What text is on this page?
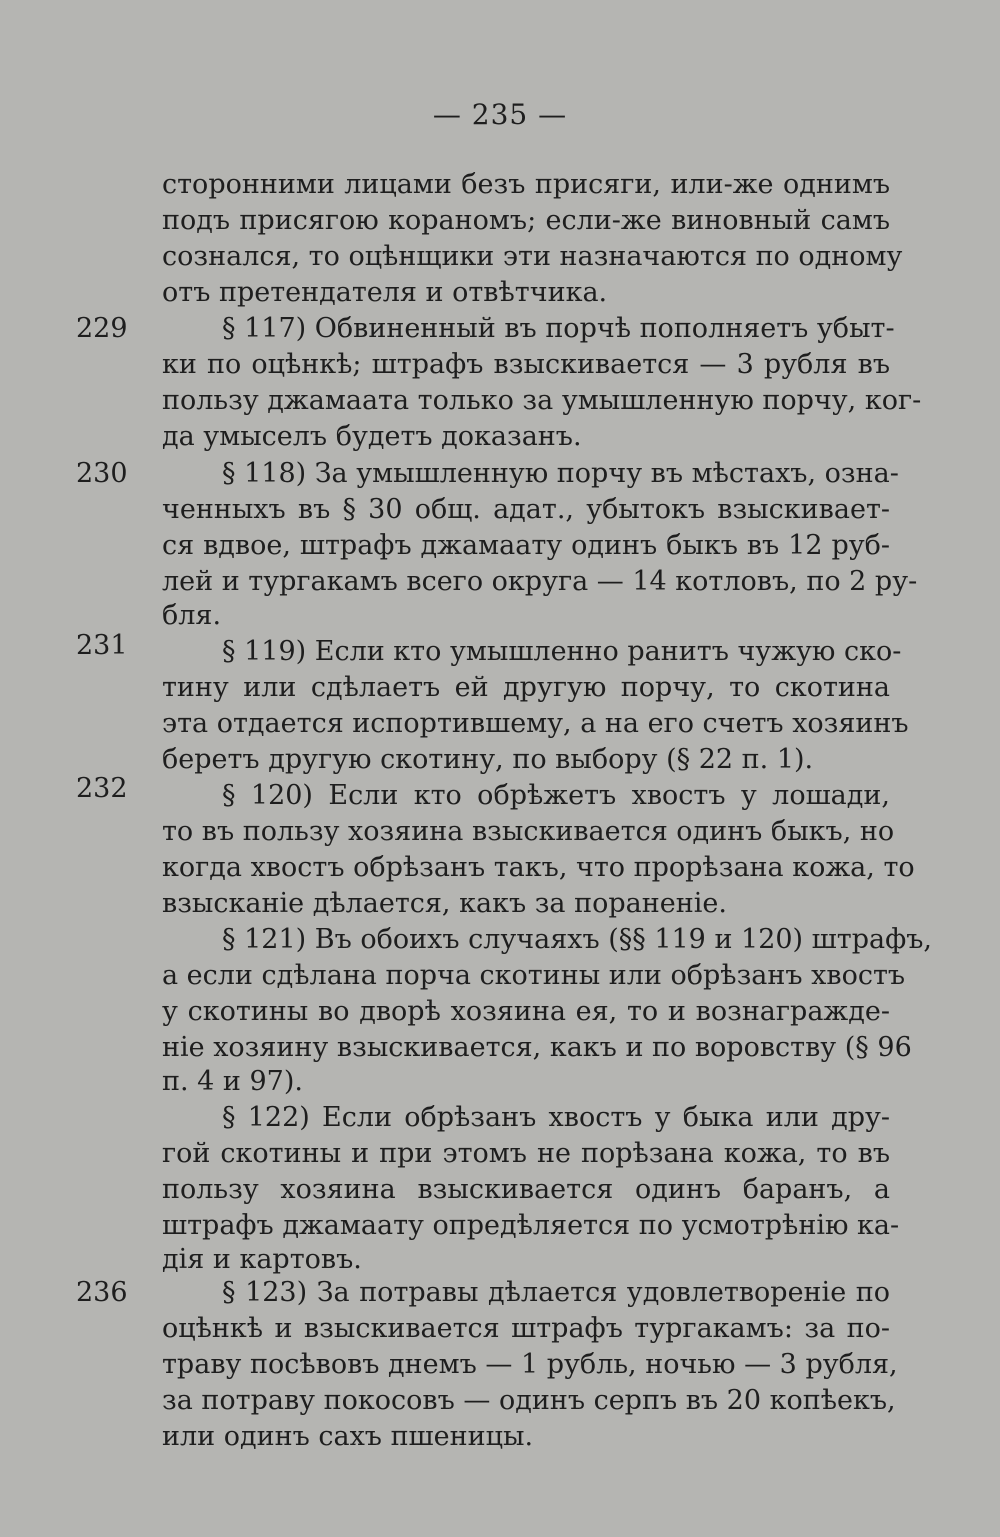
— 235 —
229
230
231
232
236
сторонними лицами безъ присяги, или-же однимъ
подъ присягою кораномъ; если-же виновный самъ
сознался, то оцѣнщики эти назначаются по одному
отъ претендателя и отвѣтчика.
§ 117) Обвиненный въ порчѣ пополняетъ убыт-
ки по оцѣнкѣ; штрафъ взыскивается — 3 рубля въ
пользу джамаата только за умышленную порчу, ког-
да умыселъ будетъ доказанъ.
§ 118) За умышленную порчу въ мѣстахъ, озна-
ченныхъ въ § 30 общ. адат., убытокъ взыскивает-
ся вдвое, штрафъ джамаату одинъ быкъ въ 12 руб-
лей и тургакамъ всего округа — 14 котловъ, по 2 ру-
бля.
§ 119) Если кто умышленно ранитъ чужую ско-
тину или сдѣлаетъ ей другую порчу, то скотина
эта отдается испортившему, а на его счетъ хозяинъ
беретъ другую скотину, по выбору (§ 22 п. 1).
§ 120) Если кто обрѣжетъ хвостъ у лошади,
то въ пользу хозяина взыскивается одинъ быкъ, но
когда хвостъ обрѣзанъ такъ, что прорѣзана кожа, то
взысканіе дѣлается, какъ за пораненіе.
§ 121) Въ обоихъ случаяхъ (§§ 119 и 120) штрафъ,
а если сдѣлана порча скотины или обрѣзанъ хвостъ
у скотины во дворѣ хозяина ея, то и вознагражде-
ніе хозяину взыскивается, какъ и по воровству (§ 96
п. 4 и 97).
§ 122) Если обрѣзанъ хвостъ у быка или дру-
гой скотины и при этомъ не порѣзана кожа, то въ
пользу хозяина взыскивается одинъ баранъ, а
штрафъ джамаату опредѣляется по усмотрѣнію ка-
дія и картовъ.
§ 123) За потравы дѣлается удовлетвореніе по
оцѣнкѣ и взыскивается штрафъ тургакамъ: за по-
траву посѣвовъ днемъ — 1 рубль, ночью — 3 рубля,
за потраву покосовъ — одинъ серпъ въ 20 копѣекъ,
или одинъ сахъ пшеницы.
